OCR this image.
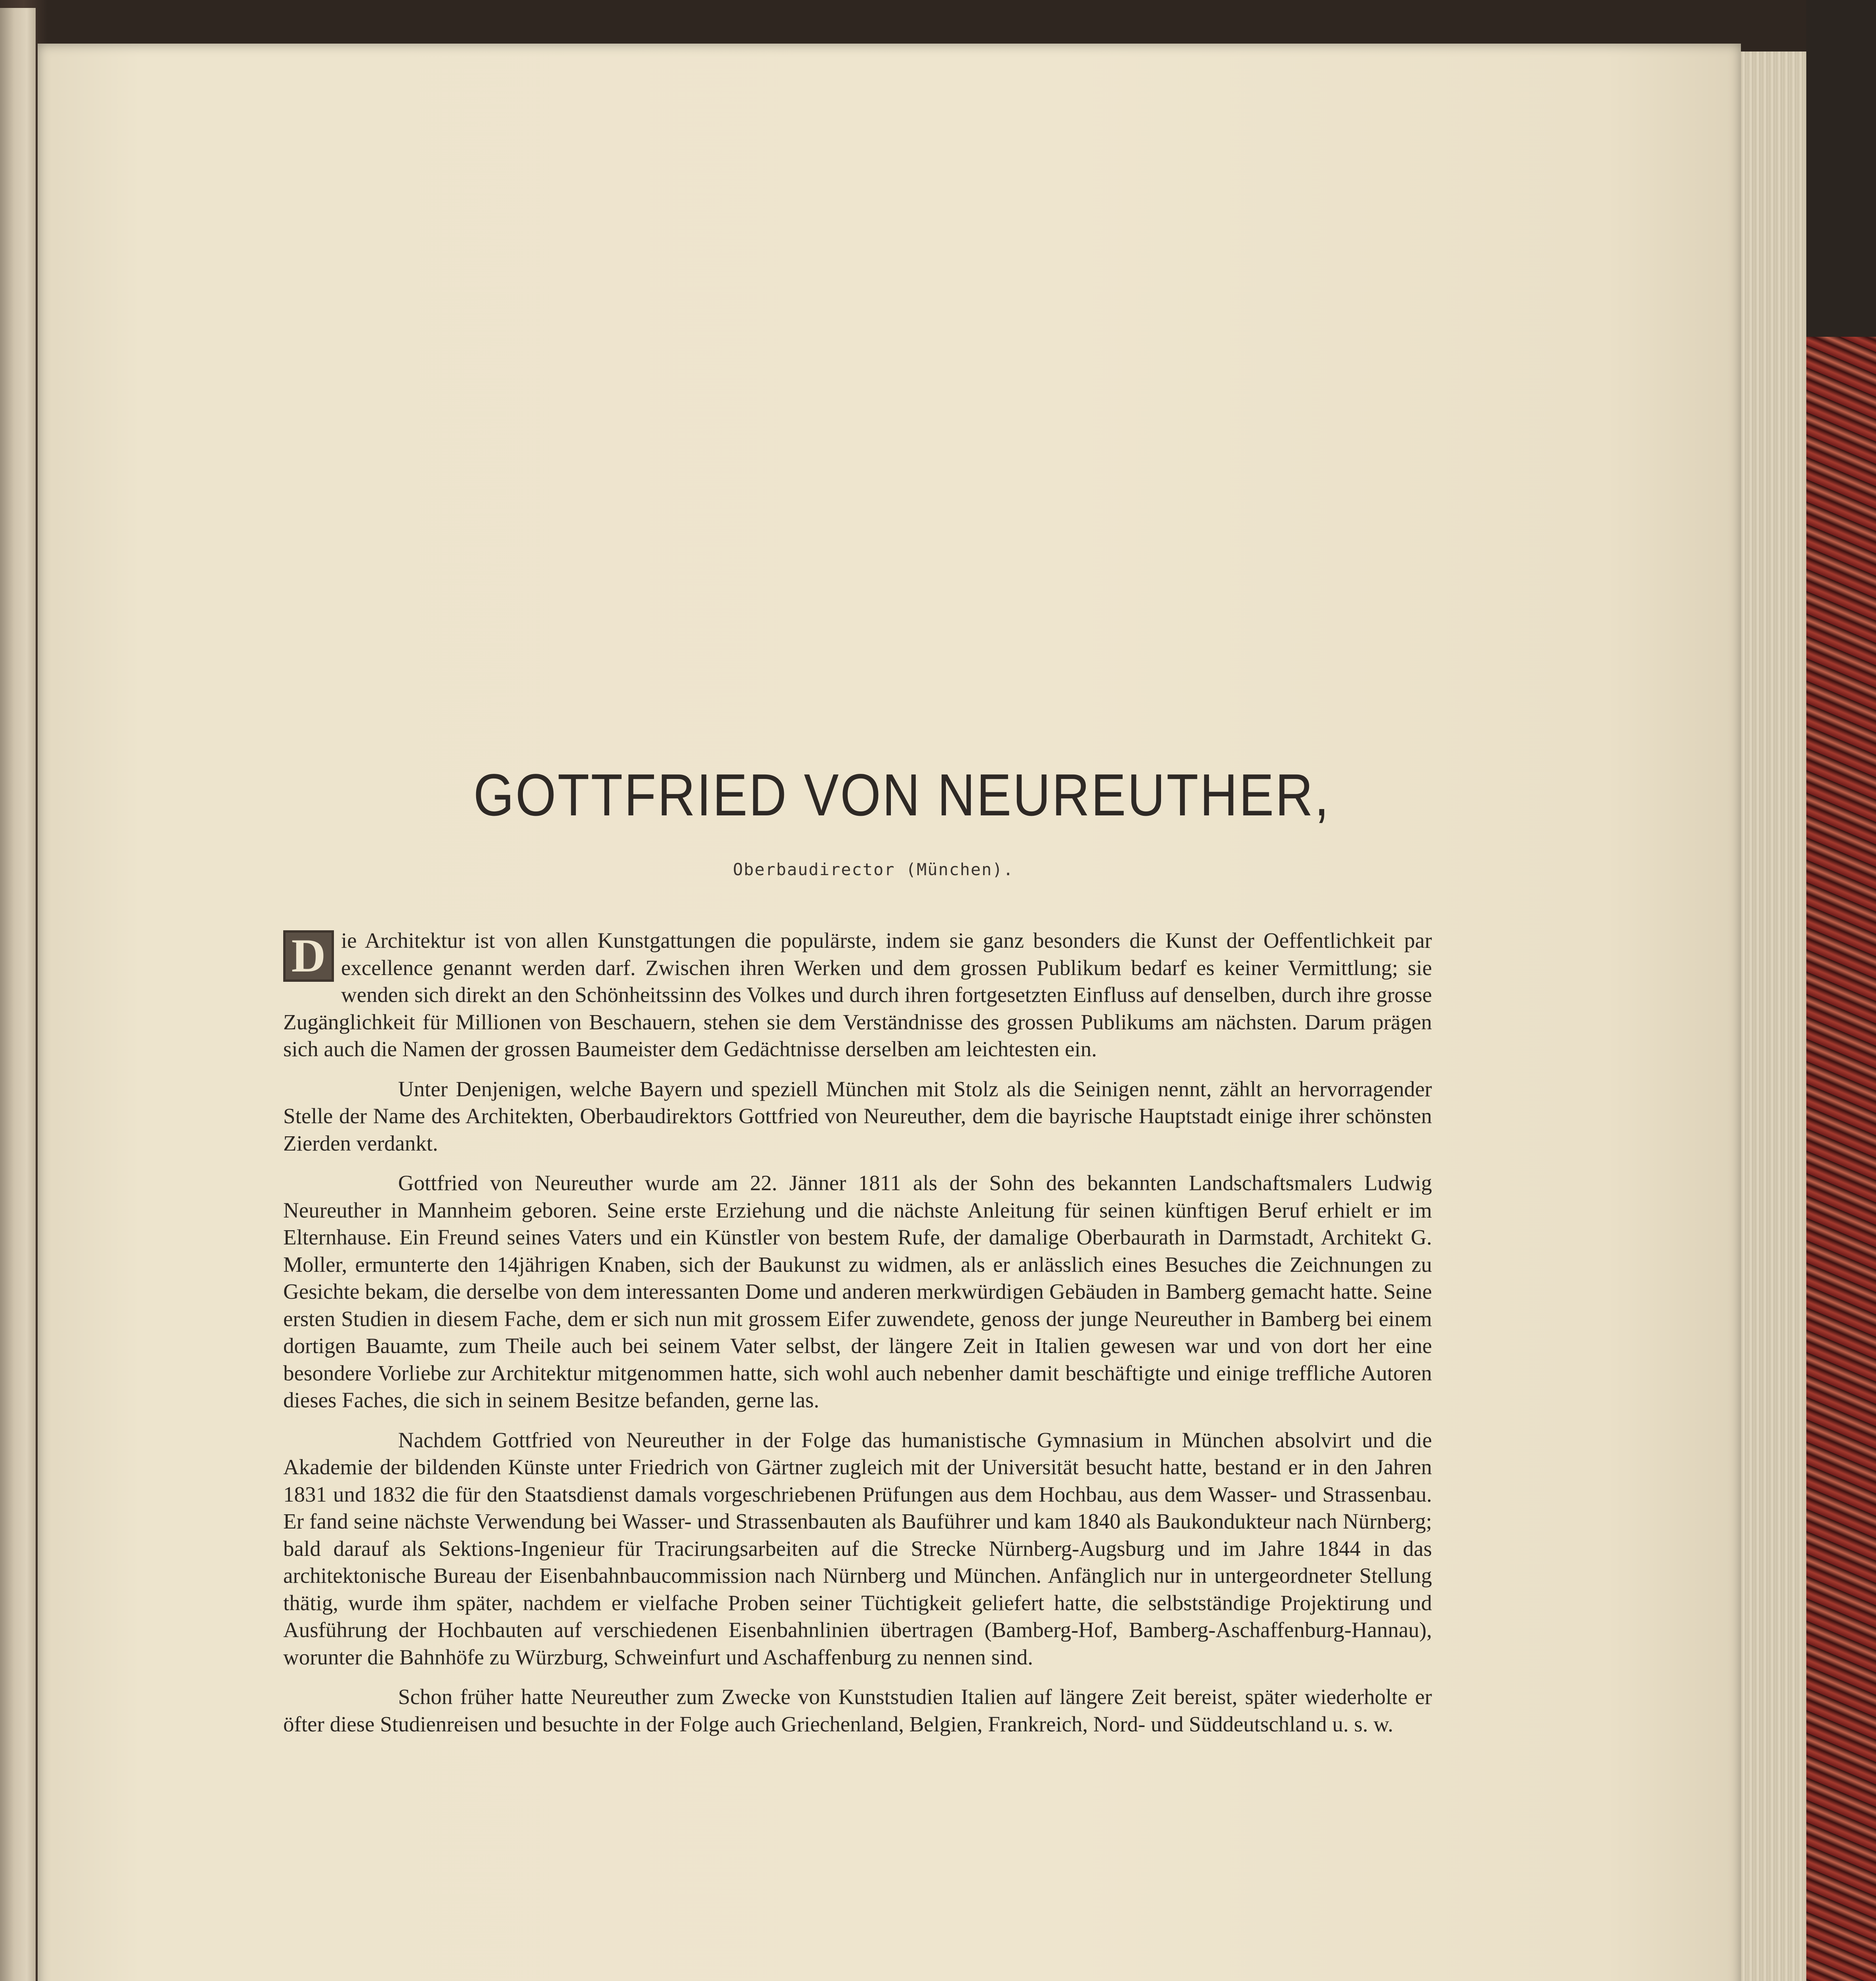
GOTTFRIED VON NEUREUTHER,
Oberbaudirector (München).

D ie Architektur ist von allen Kunstgattungen die populärste, indem sie ganz besonders die Kunst der Oeffentlichkeit par excellence genannt werden darf. Zwischen ihren Werken und dem grossen Publikum bedarf es keiner Vermittlung; sie wenden sich direkt an den Schönheitssinn des Volkes und durch ihren fortgesetzten Einfluss auf denselben, durch ihre grosse Zugänglichkeit für Millionen von Beschauern, stehen sie dem Verständnisse des grossen Publikums am nächsten. Darum prägen sich auch die Namen der grossen Baumeister dem Gedächtnisse derselben am leichtesten ein.

Unter Denjenigen, welche Bayern und speziell München mit Stolz als die Seinigen nennt, zählt an hervorragender Stelle der Name des Architekten, Oberbaudirektors Gottfried von Neureuther, dem die bayrische Hauptstadt einige ihrer schönsten Zierden verdankt.

Gottfried von Neureuther wurde am 22. Jänner 1811 als der Sohn des bekannten Landschaftsmalers Ludwig Neureuther in Mannheim geboren. Seine erste Erziehung und die nächste Anleitung für seinen künftigen Beruf erhielt er im Elternhause. Ein Freund seines Vaters und ein Künstler von bestem Rufe, der damalige Oberbaurath in Darmstadt, Architekt G. Moller, ermunterte den 14jährigen Knaben, sich der Baukunst zu widmen, als er anlässlich eines Besuches die Zeichnungen zu Gesichte bekam, die derselbe von dem interessanten Dome und anderen merkwürdigen Gebäuden in Bamberg gemacht hatte. Seine ersten Studien in diesem Fache, dem er sich nun mit grossem Eifer zuwendete, genoss der junge Neureuther in Bamberg bei einem dortigen Bauamte, zum Theile auch bei seinem Vater selbst, der längere Zeit in Italien gewesen war und von dort her eine besondere Vorliebe zur Architektur mitgenommen hatte, sich wohl auch nebenher damit beschäftigte und einige treffliche Autoren dieses Faches, die sich in seinem Besitze befanden, gerne las.

Nachdem Gottfried von Neureuther in der Folge das humanistische Gymnasium in München absolvirt und die Akademie der bildenden Künste unter Friedrich von Gärtner zugleich mit der Universität besucht hatte, bestand er in den Jahren 1831 und 1832 die für den Staatsdienst damals vorgeschriebenen Prüfungen aus dem Hochbau, aus dem Wasser- und Strassenbau. Er fand seine nächste Verwendung bei Wasser- und Strassenbauten als Bauführer und kam 1840 als Baukondukteur nach Nürnberg; bald darauf als Sektions-Ingenieur für Tracirungsarbeiten auf die Strecke Nürnberg-Augsburg und im Jahre 1844 in das architektonische Bureau der Eisenbahnbaucommission nach Nürnberg und München. Anfänglich nur in untergeordneter Stellung thätig, wurde ihm später, nachdem er vielfache Proben seiner Tüchtigkeit geliefert hatte, die selbstständige Projektirung und Ausführung der Hochbauten auf verschiedenen Eisenbahnlinien übertragen (Bamberg-Hof, Bamberg-Aschaffenburg-Hannau), worunter die Bahnhöfe zu Würzburg, Schweinfurt und Aschaffenburg zu nennen sind.

Schon früher hatte Neureuther zum Zwecke von Kunststudien Italien auf längere Zeit bereist, später wiederholte er öfter diese Studienreisen und besuchte in der Folge auch Griechenland, Belgien, Frankreich, Nord- und Süddeutschland u. s. w.
